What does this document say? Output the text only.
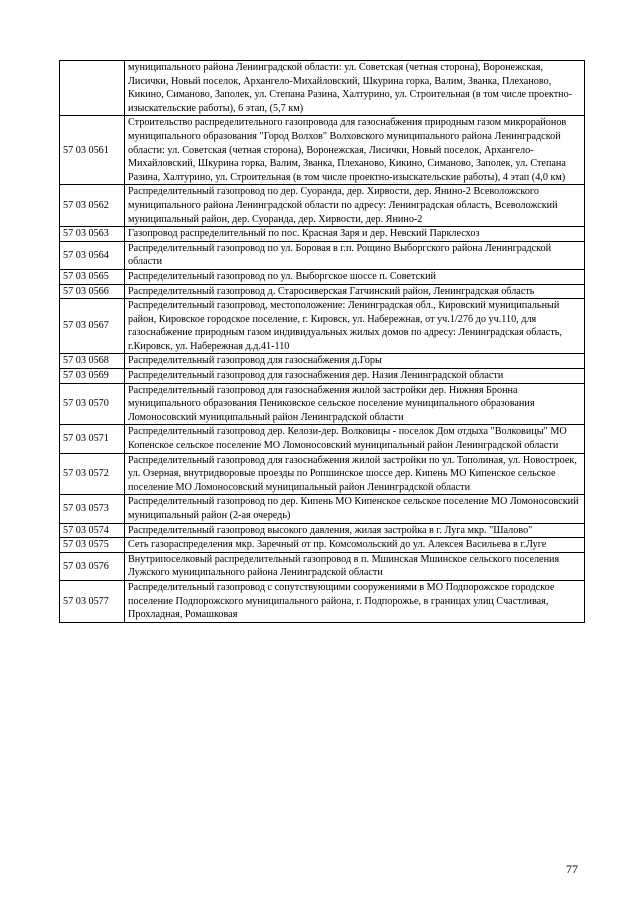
	муниципального района Ленинградской области: ул. Советская (четная сторона), Воронежская, Лисички, Новый поселок, Архангело-Михайловский, Шкурина горка, Валим, Званка, Плеханово, Кикино, Симаново, Заполек, ул. Степана Разина, Халтурино, ул. Строительная (в том числе проектно-изыскательские работы), 6 этап, (5,7 км)
57 03 0561	Строительство распределительного газопровода для газоснабжения природным газом микрорайонов муниципального образования "Город Волхов" Волховского муниципального района Ленинградской области: ул. Советская (четная сторона), Воронежская, Лисички, Новый поселок, Архангело-Михайловский, Шкурина горка, Валим, Званка, Плеханово, Кикино, Симаново, Заполек, ул. Степана Разина, Халтурино, ул. Строительная (в том числе проектно-изыскательские работы), 4 этап (4,0 км)
57 03 0562	Распределительный газопровод по дер. Суоранда, дер. Хирвости, дер. Янино-2 Всеволожского муниципального района Ленинградской области по адресу: Ленинградская область, Всеволожский муниципальный район, дер. Суоранда, дер. Хирвости, дер. Янино-2
57 03 0563	Газопровод распределительный по пос. Красная Заря и дер. Невский Парклесхоз
57 03 0564	Распределительный газопровод по ул. Боровая в г.п. Рощино Выборгского района Ленинградской области
57 03 0565	Распределительный газопровод по ул. Выборгское шоссе п. Советский
57 03 0566	Распределительный газопровод д. Старосиверская Гатчинский район, Ленинградская область
57 03 0567	Распределительный газопровод, местоположение: Ленинградская обл., Кировский муниципальный район, Кировское городское поселение, г. Кировск, ул. Набережная, от уч.1/27б до уч.110, для газоснабжение природным газом индивидуальных жилых домов по адресу: Ленинградская область, г.Кировск, ул. Набережная д.д.41-110
57 03 0568	Распределительный газопровод для газоснабжения д.Горы
57 03 0569	Распределительный газопровод для газоснабжения дер. Назия Ленинградской области
57 03 0570	Распределительный газопровод для газоснабжения жилой застройки дер. Нижняя Бронна муниципального образования Пениковское сельское поселение муниципального образования Ломоносовский муниципальный район Ленинградской области
57 03 0571	Распределительный газопровод дер. Келози-дер. Волковицы - поселок Дом отдыха "Волковицы" МО Копенское сельское поселение МО Ломоносовский муниципальный район Ленинградской области
57 03 0572	Распределительный газопровод для газоснабжения жилой застройки по ул. Тополиная, ул. Новостроек, ул. Озерная, внутридворовые проезды по Ропшинское шоссе дер. Кипень МО Кипенское сельское поселение МО Ломоносовский муниципальный район Ленинградской области
57 03 0573	Распределительный газопровод по дер. Кипень МО Кипенское сельское поселение МО Ломоносовский муниципальный район (2-ая очередь)
57 03 0574	Распределительный газопровод высокого давления, жилая застройка в г. Луга мкр. "Шалово"
57 03 0575	Сеть газораспределения мкр. Заречный от пр. Комсомольский до ул. Алексея Васильева в г.Луге
57 03 0576	Внутрипоселковый распределительный газопровод в п. Мшинская Мшинское сельского поселения Лужского муниципального района Ленинградской области
57 03 0577	Распределительный газопровод с сопутствующими сооружениями в МО Подпорожское городское поселение Подпорожского муниципального района, г. Подпорожье, в границах улиц Счастливая, Прохладная, Ромашковая
77
